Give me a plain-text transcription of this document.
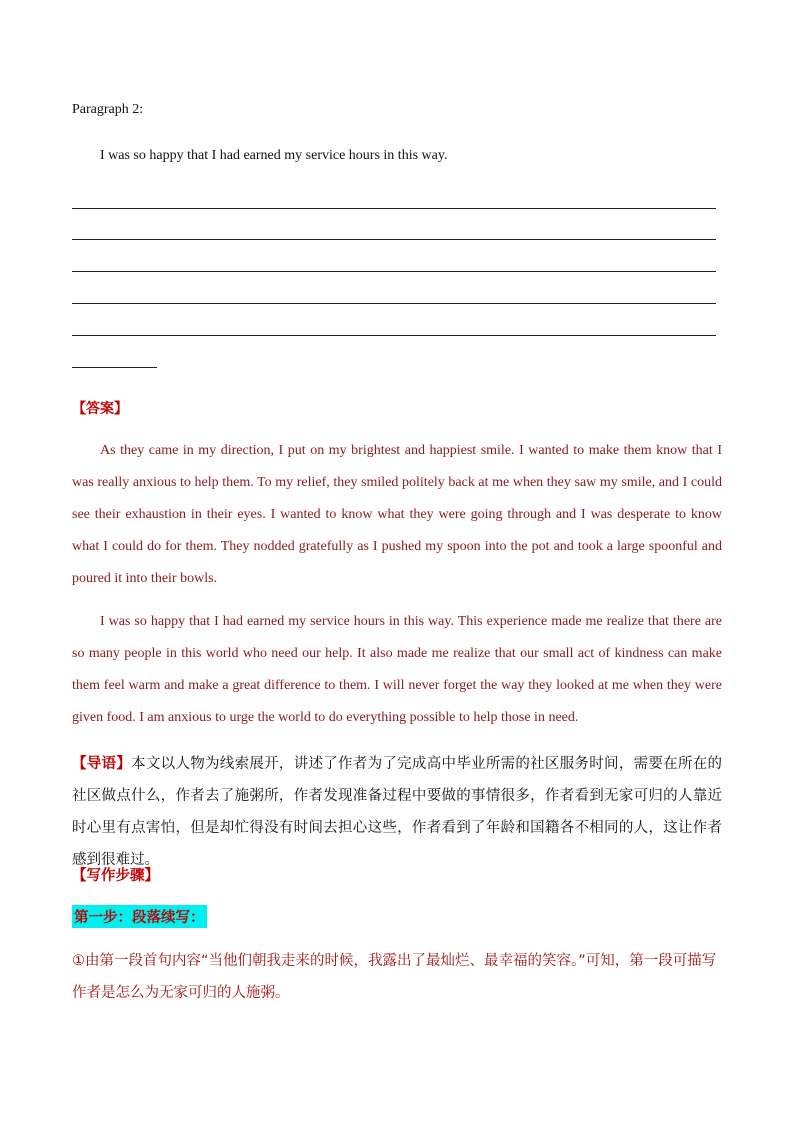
Paragraph 2:
I was so happy that I had earned my service hours in this way.
【答案】

As they came in my direction, I put on my brightest and happiest smile. I wanted to make them know that I was really anxious to help them. To my relief, they smiled politely back at me when they saw my smile, and I could see their exhaustion in their eyes. I wanted to know what they were going through and I was desperate to know what I could do for them. They nodded gratefully as I pushed my spoon into the pot and took a large spoonful and poured it into their bowls.

I was so happy that I had earned my service hours in this way. This experience made me realize that there are so many people in this world who need our help. It also made me realize that our small act of kindness can make them feel warm and make a great difference to them. I will never forget the way they looked at me when they were given food. I am anxious to urge the world to do everything possible to help those in need.

【导语】本文以人物为线索展开，讲述了作者为了完成高中毕业所需的社区服务时间，需要在所在的社区做点什么，作者去了施粥所，作者发现准备过程中要做的事情很多，作者看到无家可归的人靠近时心里有点害怕，但是却忙得没有时间去担心这些，作者看到了年龄和国籍各不相同的人，这让作者感到很难过。

【写作步骤】
第一步：段落续写：

①由第一段首句内容“当他们朝我走来的时候，我露出了最灿烂、最幸福的笑容。”可知，第一段可描写作者是怎么为无家可归的人施粥。
